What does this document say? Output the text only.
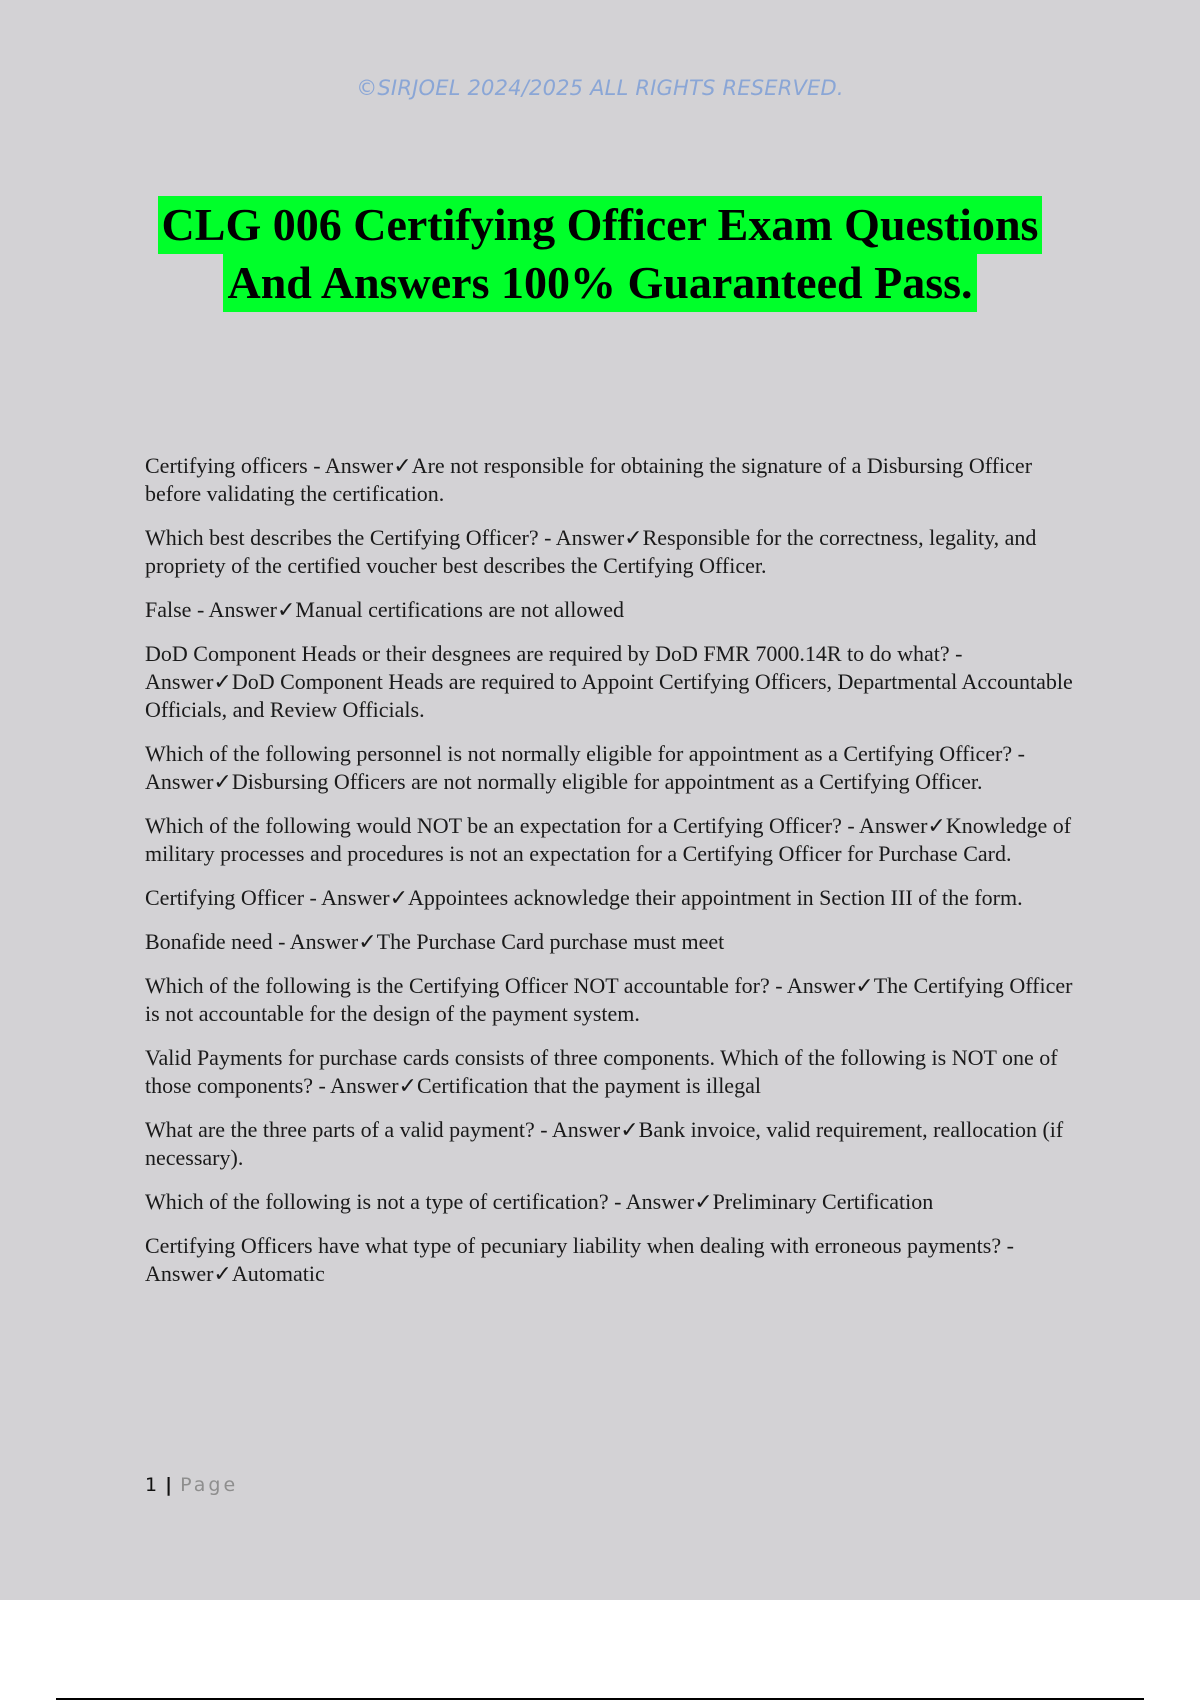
©SIRJOEL 2024/2025 ALL RIGHTS RESERVED.
CLG 006 Certifying Officer Exam Questions
And Answers 100% Guaranteed Pass.

Certifying officers - Answer✓Are not responsible for obtaining the signature of a Disbursing Officer before validating the certification.

Which best describes the Certifying Officer? - Answer✓Responsible for the correctness, legality, and propriety of the certified voucher best describes the Certifying Officer.

False - Answer✓Manual certifications are not allowed

DoD Component Heads or their desgnees are required by DoD FMR 7000.14R to do what? - Answer✓DoD Component Heads are required to Appoint Certifying Officers, Departmental Accountable Officials, and Review Officials.

Which of the following personnel is not normally eligible for appointment as a Certifying Officer? - Answer✓Disbursing Officers are not normally eligible for appointment as a Certifying Officer.

Which of the following would NOT be an expectation for a Certifying Officer? - Answer✓Knowledge of military processes and procedures is not an expectation for a Certifying Officer for Purchase Card.

Certifying Officer - Answer✓Appointees acknowledge their appointment in Section III of the form.

Bonafide need - Answer✓The Purchase Card purchase must meet

Which of the following is the Certifying Officer NOT accountable for? - Answer✓The Certifying Officer is not accountable for the design of the payment system.

Valid Payments for purchase cards consists of three components. Which of the following is NOT one of those components? - Answer✓Certification that the payment is illegal

What are the three parts of a valid payment? - Answer✓Bank invoice, valid requirement, reallocation (if necessary).

Which of the following is not a type of certification? - Answer✓Preliminary Certification

Certifying Officers have what type of pecuniary liability when dealing with erroneous payments? - Answer✓Automatic

1 | Page
